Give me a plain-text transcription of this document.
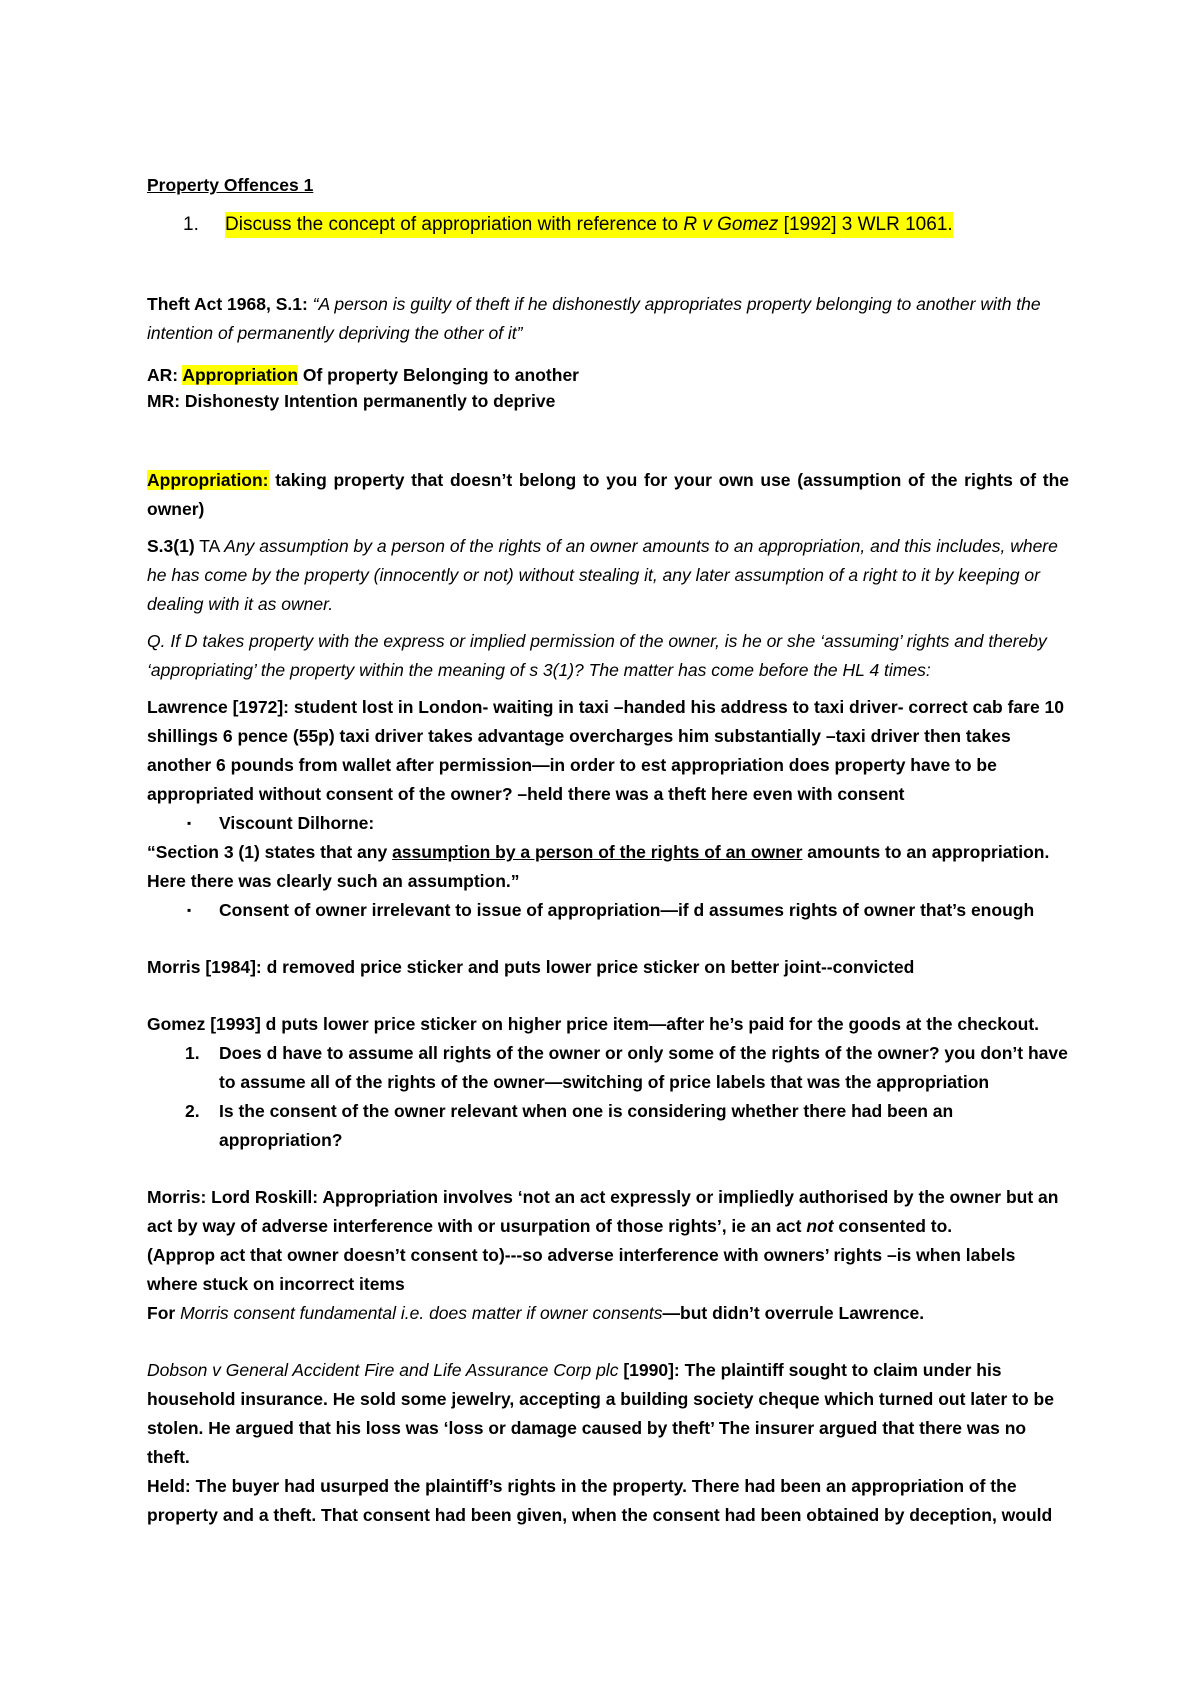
Property Offences 1

1.	Discuss the concept of appropriation with reference to R v Gomez [1992] 3 WLR 1061.

Theft Act 1968, S.1: “A person is guilty of theft if he dishonestly appropriates property belonging to another with the intention of permanently depriving the other of it”

AR: Appropriation Of property Belonging to another

MR: Dishonesty Intention permanently to deprive

Appropriation: taking property that doesn’t belong to you for your own use (assumption of the rights of the owner)

S.3(1) TA Any assumption by a person of the rights of an owner amounts to an appropriation, and this includes, where he has come by the property (innocently or not) without stealing it, any later assumption of a right to it by keeping or dealing with it as owner.

Q. If D takes property with the express or implied permission of the owner, is he or she ‘assuming’ rights and thereby ‘appropriating’ the property within the meaning of s 3(1)? The matter has come before the HL 4 times:

Lawrence [1972]: student lost in London- waiting in taxi –handed his address to taxi driver- correct cab fare 10 shillings 6 pence (55p) taxi driver takes advantage overcharges him substantially –taxi driver then takes another 6 pounds from wallet after permission—in order to est appropriation does property have to be appropriated without consent of the owner? –held there was a theft here even with consent

▪	Viscount Dilhorne:

“Section 3 (1) states that any assumption by a person of the rights of an owner amounts to an appropriation. Here there was clearly such an assumption.”

▪	Consent of owner irrelevant to issue of appropriation—if d assumes rights of owner that’s enough

Morris [1984]: d removed price sticker and puts lower price sticker on better joint--convicted

Gomez [1993] d puts lower price sticker on higher price item—after he’s paid for the goods at the checkout.

1.	Does d have to assume all rights of the owner or only some of the rights of the owner? you don’t have to assume all of the rights of the owner—switching of price labels that was the appropriation
2.	Is the consent of the owner relevant when one is considering whether there had been an appropriation?

Morris: Lord Roskill: Appropriation involves ‘not an act expressly or impliedly authorised by the owner but an act by way of adverse interference with or usurpation of those rights’, ie an act not consented to.

(Approp act that owner doesn’t consent to)---so adverse interference with owners’ rights –is when labels where stuck on incorrect items

For Morris consent fundamental i.e. does matter if owner consents—but didn’t overrule Lawrence.

Dobson v General Accident Fire and Life Assurance Corp plc [1990]: The plaintiff sought to claim under his household insurance. He sold some jewelry, accepting a building society cheque which turned out later to be stolen. He argued that his loss was ‘loss or damage caused by theft’ The insurer argued that there was no theft.

Held: The buyer had usurped the plaintiff’s rights in the property. There had been an appropriation of the property and a theft. That consent had been given, when the consent had been obtained by deception, would
